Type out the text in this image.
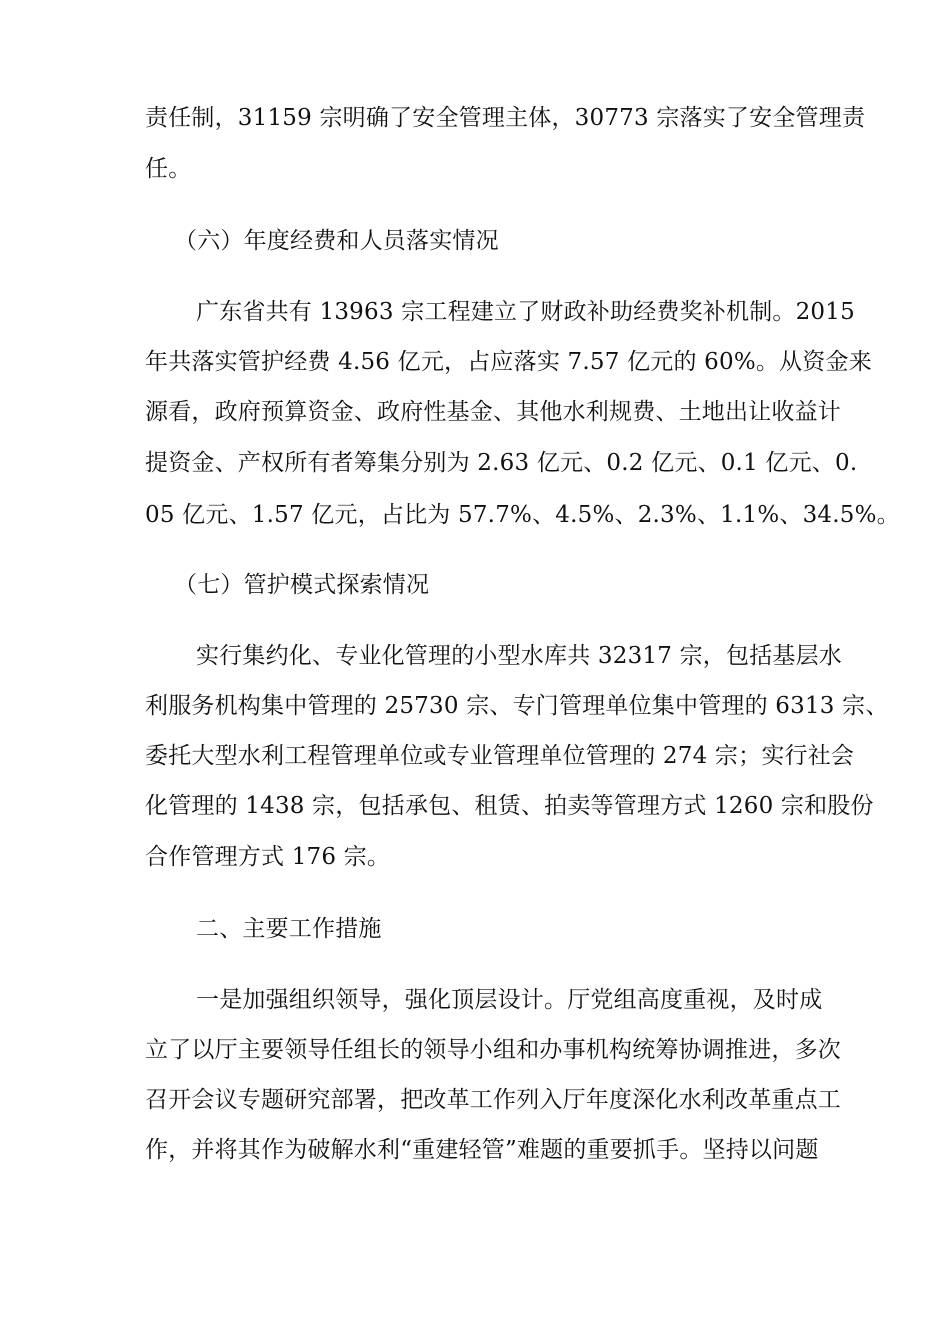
责任制，31159 宗明确了安全管理主体，30773 宗落实了安全管理责
任。
（六）年度经费和人员落实情况
广东省共有 13963 宗工程建立了财政补助经费奖补机制。2015
年共落实管护经费 4.56 亿元，占应落实 7.57 亿元的 60%。从资金来
源看，政府预算资金、政府性基金、其他水利规费、土地出让收益计
提资金、产权所有者筹集分别为 2.63 亿元、0.2 亿元、0.1 亿元、0.
05 亿元、1.57 亿元，占比为 57.7%、4.5%、2.3%、1.1%、34.5%。
（七）管护模式探索情况
实行集约化、专业化管理的小型水库共 32317 宗，包括基层水
利服务机构集中管理的 25730 宗、专门管理单位集中管理的 6313 宗、
委托大型水利工程管理单位或专业管理单位管理的 274 宗；实行社会
化管理的 1438 宗，包括承包、租赁、拍卖等管理方式 1260 宗和股份
合作管理方式 176 宗。
二、主要工作措施
一是加强组织领导，强化顶层设计。厅党组高度重视，及时成
立了以厅主要领导任组长的领导小组和办事机构统筹协调推进，多次
召开会议专题研究部署，把改革工作列入厅年度深化水利改革重点工
作，并将其作为破解水利“重建轻管”难题的重要抓手。坚持以问题
